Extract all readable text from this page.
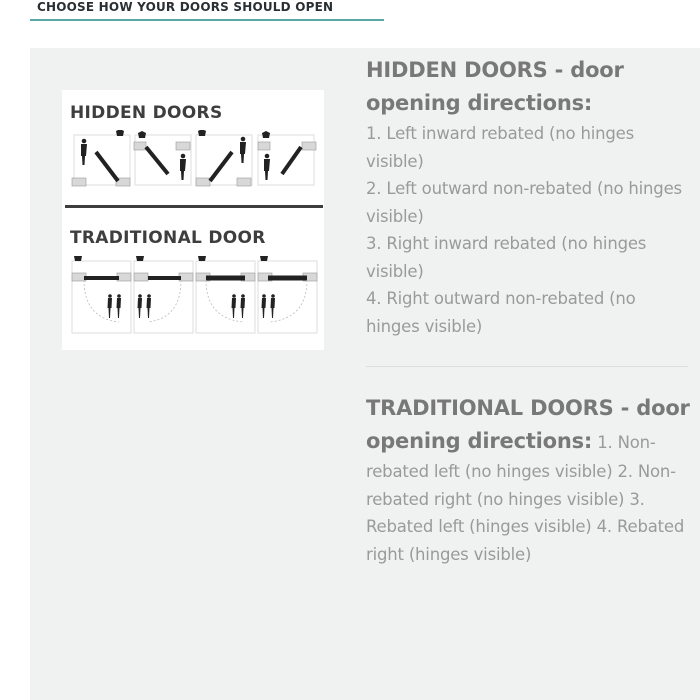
CHOOSE HOW YOUR DOORS SHOULD OPEN
HIDDEN DOORS
TRADITIONAL DOOR
HIDDEN DOORS - door opening directions:
1. Left inward rebated (no hinges visible)
2. Left outward non-rebated (no hinges visible)
3. Right inward rebated (no hinges visible)
4. Right outward non-rebated (no hinges visible)
TRADITIONAL DOORS - door opening directions: 1. Non-rebated left (no hinges visible) 2. Non-rebated right (no hinges visible) 3. Rebated left (hinges visible) 4. Rebated right (hinges visible)
